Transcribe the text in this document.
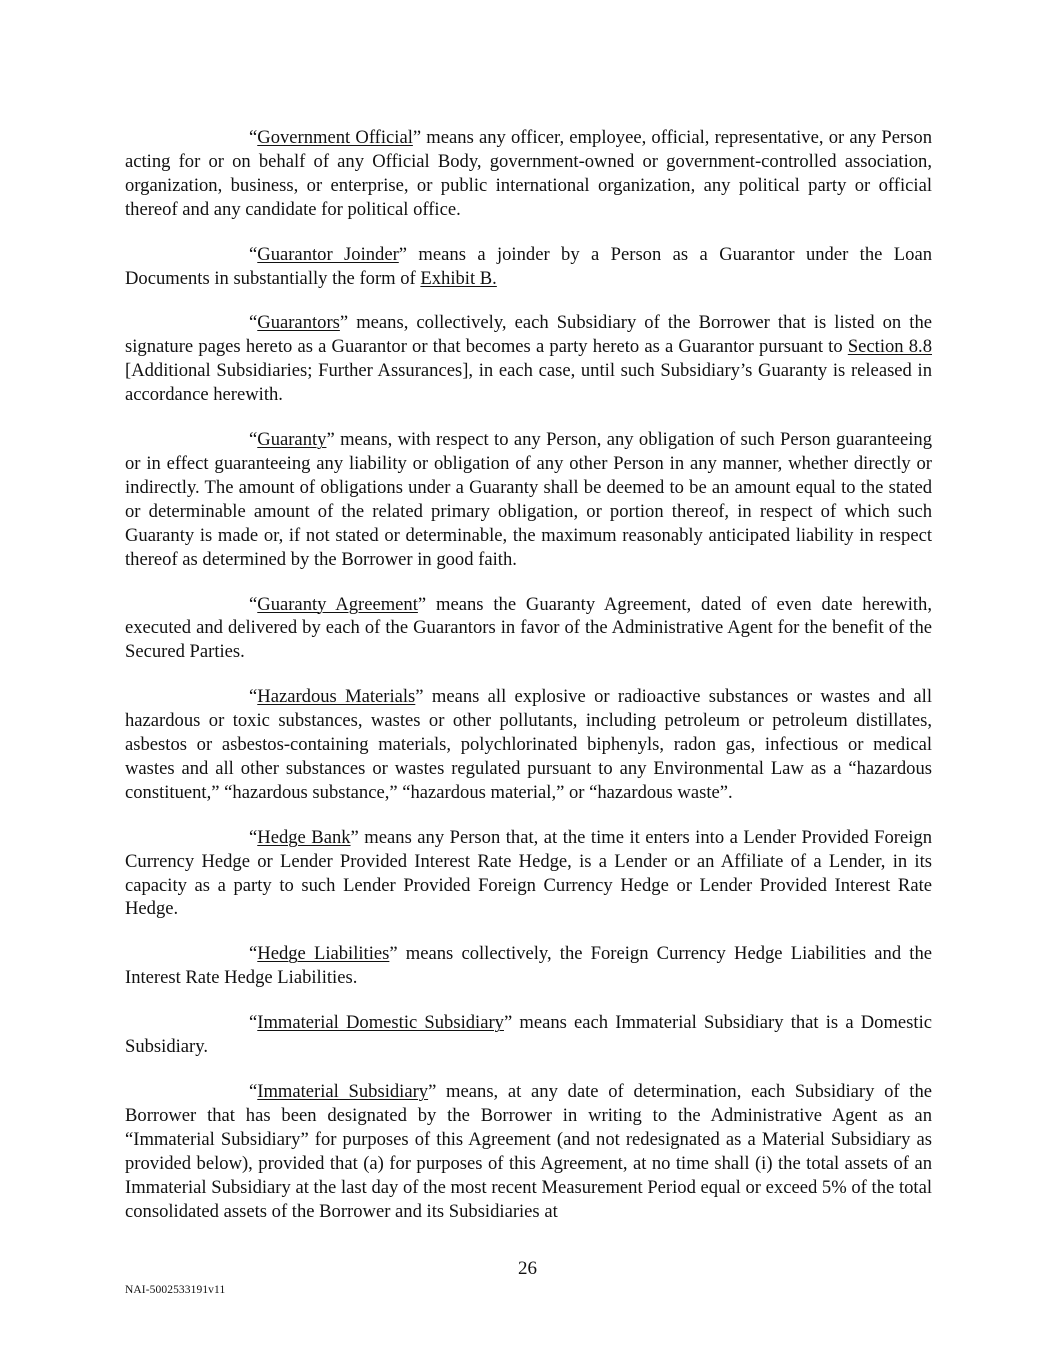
“Government Official” means any officer, employee, official, representative, or any Person acting for or on behalf of any Official Body, government-owned or government-controlled association, organization, business, or enterprise, or public international organization, any political party or official thereof and any candidate for political office.

“Guarantor Joinder” means a joinder by a Person as a Guarantor under the Loan Documents in substantially the form of Exhibit B.

“Guarantors” means, collectively, each Subsidiary of the Borrower that is listed on the signature pages hereto as a Guarantor or that becomes a party hereto as a Guarantor pursuant to Section 8.8 [Additional Subsidiaries; Further Assurances], in each case, until such Subsidiary’s Guaranty is released in accordance herewith.

“Guaranty” means, with respect to any Person, any obligation of such Person guaranteeing or in effect guaranteeing any liability or obligation of any other Person in any manner, whether directly or indirectly. The amount of obligations under a Guaranty shall be deemed to be an amount equal to the stated or determinable amount of the related primary obligation, or portion thereof, in respect of which such Guaranty is made or, if not stated or determinable, the maximum reasonably anticipated liability in respect thereof as determined by the Borrower in good faith.

“Guaranty Agreement” means the Guaranty Agreement, dated of even date herewith, executed and delivered by each of the Guarantors in favor of the Administrative Agent for the benefit of the Secured Parties.

“Hazardous Materials” means all explosive or radioactive substances or wastes and all hazardous or toxic substances, wastes or other pollutants, including petroleum or petroleum distillates, asbestos or asbestos-containing materials, polychlorinated biphenyls, radon gas, infectious or medical wastes and all other substances or wastes regulated pursuant to any Environmental Law as a “hazardous constituent,” “hazardous substance,” “hazardous material,” or “hazardous waste”.

“Hedge Bank” means any Person that, at the time it enters into a Lender Provided Foreign Currency Hedge or Lender Provided Interest Rate Hedge, is a Lender or an Affiliate of a Lender, in its capacity as a party to such Lender Provided Foreign Currency Hedge or Lender Provided Interest Rate Hedge.

“Hedge Liabilities” means collectively, the Foreign Currency Hedge Liabilities and the Interest Rate Hedge Liabilities.

“Immaterial Domestic Subsidiary” means each Immaterial Subsidiary that is a Domestic Subsidiary.

“Immaterial Subsidiary” means, at any date of determination, each Subsidiary of the Borrower that has been designated by the Borrower in writing to the Administrative Agent as an “Immaterial Subsidiary” for purposes of this Agreement (and not redesignated as a Material Subsidiary as provided below), provided that (a) for purposes of this Agreement, at no time shall (i) the total assets of an Immaterial Subsidiary at the last day of the most recent Measurement Period equal or exceed 5% of the total consolidated assets of the Borrower and its Subsidiaries at

26
NAI-5002533191v11
